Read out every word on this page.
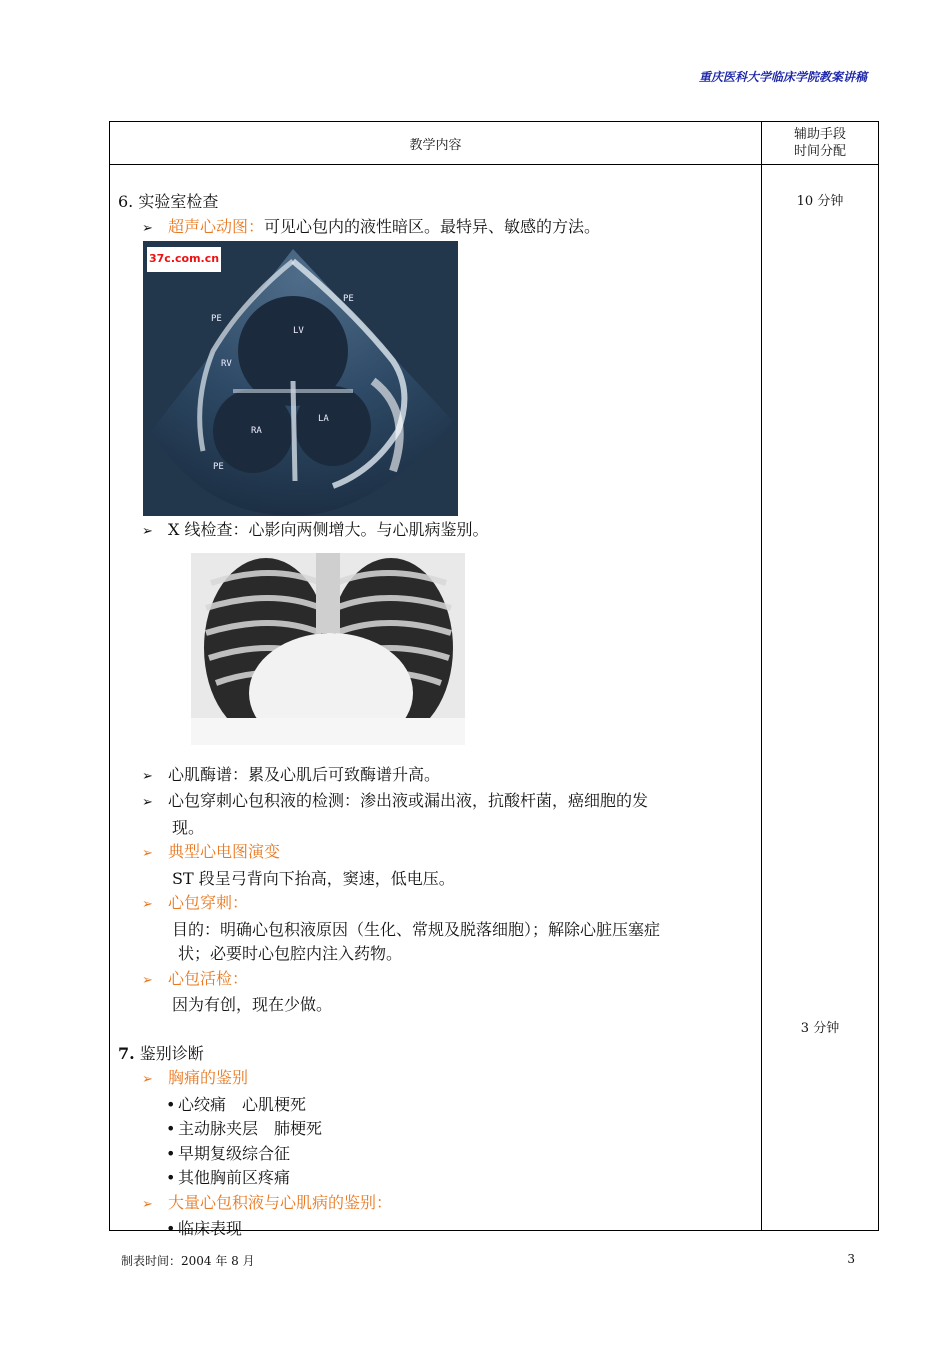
重庆医科大学临床学院教案讲稿
教学内容
辅助手段
时间分配
10 分钟
3 分钟
6. 实验室检查
➢ 超声心动图：可见心包内的液性暗区。最特异、敏感的方法。
PE
PE
LV
RV
RA
LA
PE
37c.com.cn
➢ X 线检查：心影向两侧增大。与心肌病鉴别。
➢ 心肌酶谱：累及心肌后可致酶谱升高。
➢ 心包穿刺心包积液的检测：渗出液或漏出液，抗酸杆菌，癌细胞的发
现。
➢ 典型心电图演变
ST 段呈弓背向下抬高，窦速，低电压。
➢ 心包穿刺：
目的：明确心包积液原因（生化、常规及脱落细胞）；解除心脏压塞症
状；必要时心包腔内注入药物。
➢ 心包活检：
因为有创，现在少做。
7. 鉴别诊断
➢ 胸痛的鉴别
• 心绞痛　心肌梗死
• 主动脉夹层　肺梗死
• 早期复级综合征
• 其他胸前区疼痛
➢ 大量心包积液与心肌病的鉴别：
• 临床表现
制表时间：2004 年 8 月	3
